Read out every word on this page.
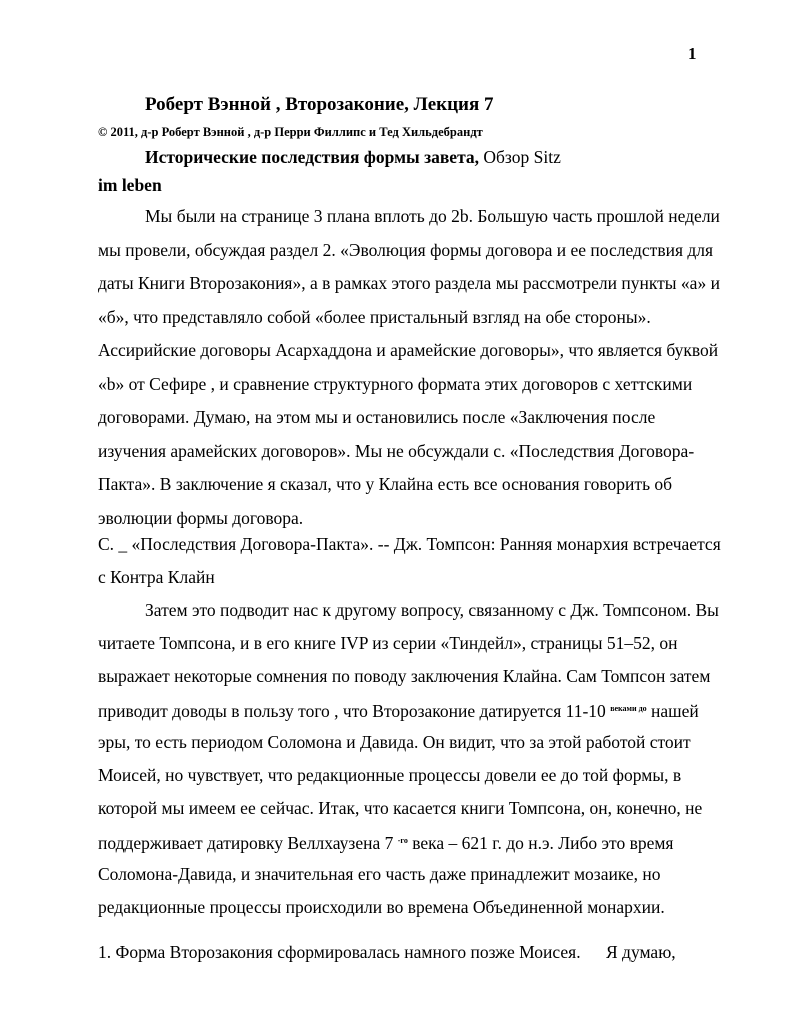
1
Роберт Вэнной , Второзаконие, Лекция 7
© 2011, д-р Роберт Вэнной , д-р Перри Филлипс и Тед Хильдебрандт
Исторические последствия формы завета, Обзор Sitz
im leben
Мы были на странице 3 плана вплоть до 2b. Большую часть прошлой недели
мы провели, обсуждая раздел 2. «Эволюция формы договора и ее последствия для
даты Книги Второзакония», а в рамках этого раздела мы рассмотрели пункты «a» и
«б», что представляло собой «более пристальный взгляд на обе стороны».
Ассирийские договоры Асархаддона и арамейские договоры», что является буквой
«b» от Сефире , и сравнение структурного формата этих договоров с хеттскими
договорами. Думаю, на этом мы и остановились после «Заключения после
изучения арамейских договоров». Мы не обсуждали с. «Последствия Договора-
Пакта». В заключение я сказал, что у Клайна есть все основания говорить об
эволюции формы договора.
C. _ «Последствия Договора-Пакта». -- Дж. Томпсон: Ранняя монархия встречается
с Контра Клайн
Затем это подводит нас к другому вопросу, связанному с Дж. Томпсоном. Вы
читаете Томпсона, и в его книге IVP из серии «Тиндейл», страницы 51–52, он
выражает некоторые сомнения по поводу заключения Клайна. Сам Томпсон затем
приводит доводы в пользу того , что Второзаконие датируется 11-10 $^{веками до}$ нашей
эры, то есть периодом Соломона и Давида. Он видит, что за этой работой стоит
Моисей, но чувствует, что редакционные процессы довели ее до той формы, в
которой мы имеем ее сейчас. Итак, что касается книги Томпсона, он, конечно, не
поддерживает датировку Веллхаузена 7 $^{-го}$ века – 621 г. до н.э. Либо это время
Соломона-Давида, и значительная его часть даже принадлежит мозаике, но
редакционные процессы происходили во времена Объединенной монархии.
1. Форма Второзакония сформировалась намного позже Моисея. Я думаю,
